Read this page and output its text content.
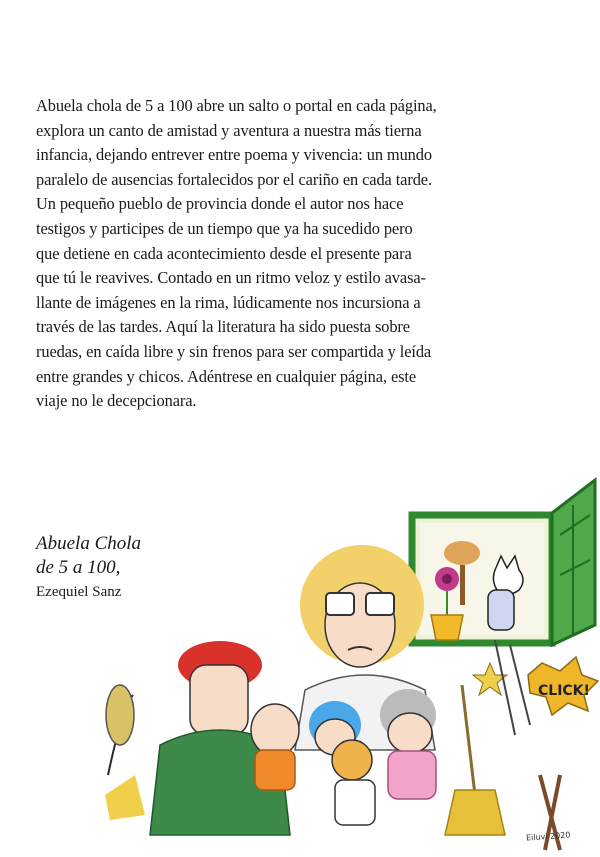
Abuela chola de 5 a 100 abre un salto o portal en cada página,
explora un canto de amistad y aventura a nuestra más tierna
infancia, dejando entrever entre poema y vivencia: un mundo
paralelo de ausencias fortalecidos por el cariño en cada tarde.
Un pequeño pueblo de provincia donde el autor nos hace
testigos y participes de un tiempo que ya ha sucedido pero
que detiene en cada acontecimiento desde el presente para
que tú le reavives. Contado en un ritmo veloz y estilo avasa-
llante de imágenes en la rima, lúdicamente nos incursiona a
través de las tardes. Aquí la literatura ha sido puesta sobre
ruedas, en caída libre y sin frenos para ser compartida y leída
entre grandes y chicos. Adéntrese en cualquier página, este
viaje no le decepcionara.
Abuela Chola
de 5 a 100,
Ezequiel Sanz
CLICK!
Eiluvi 2020
